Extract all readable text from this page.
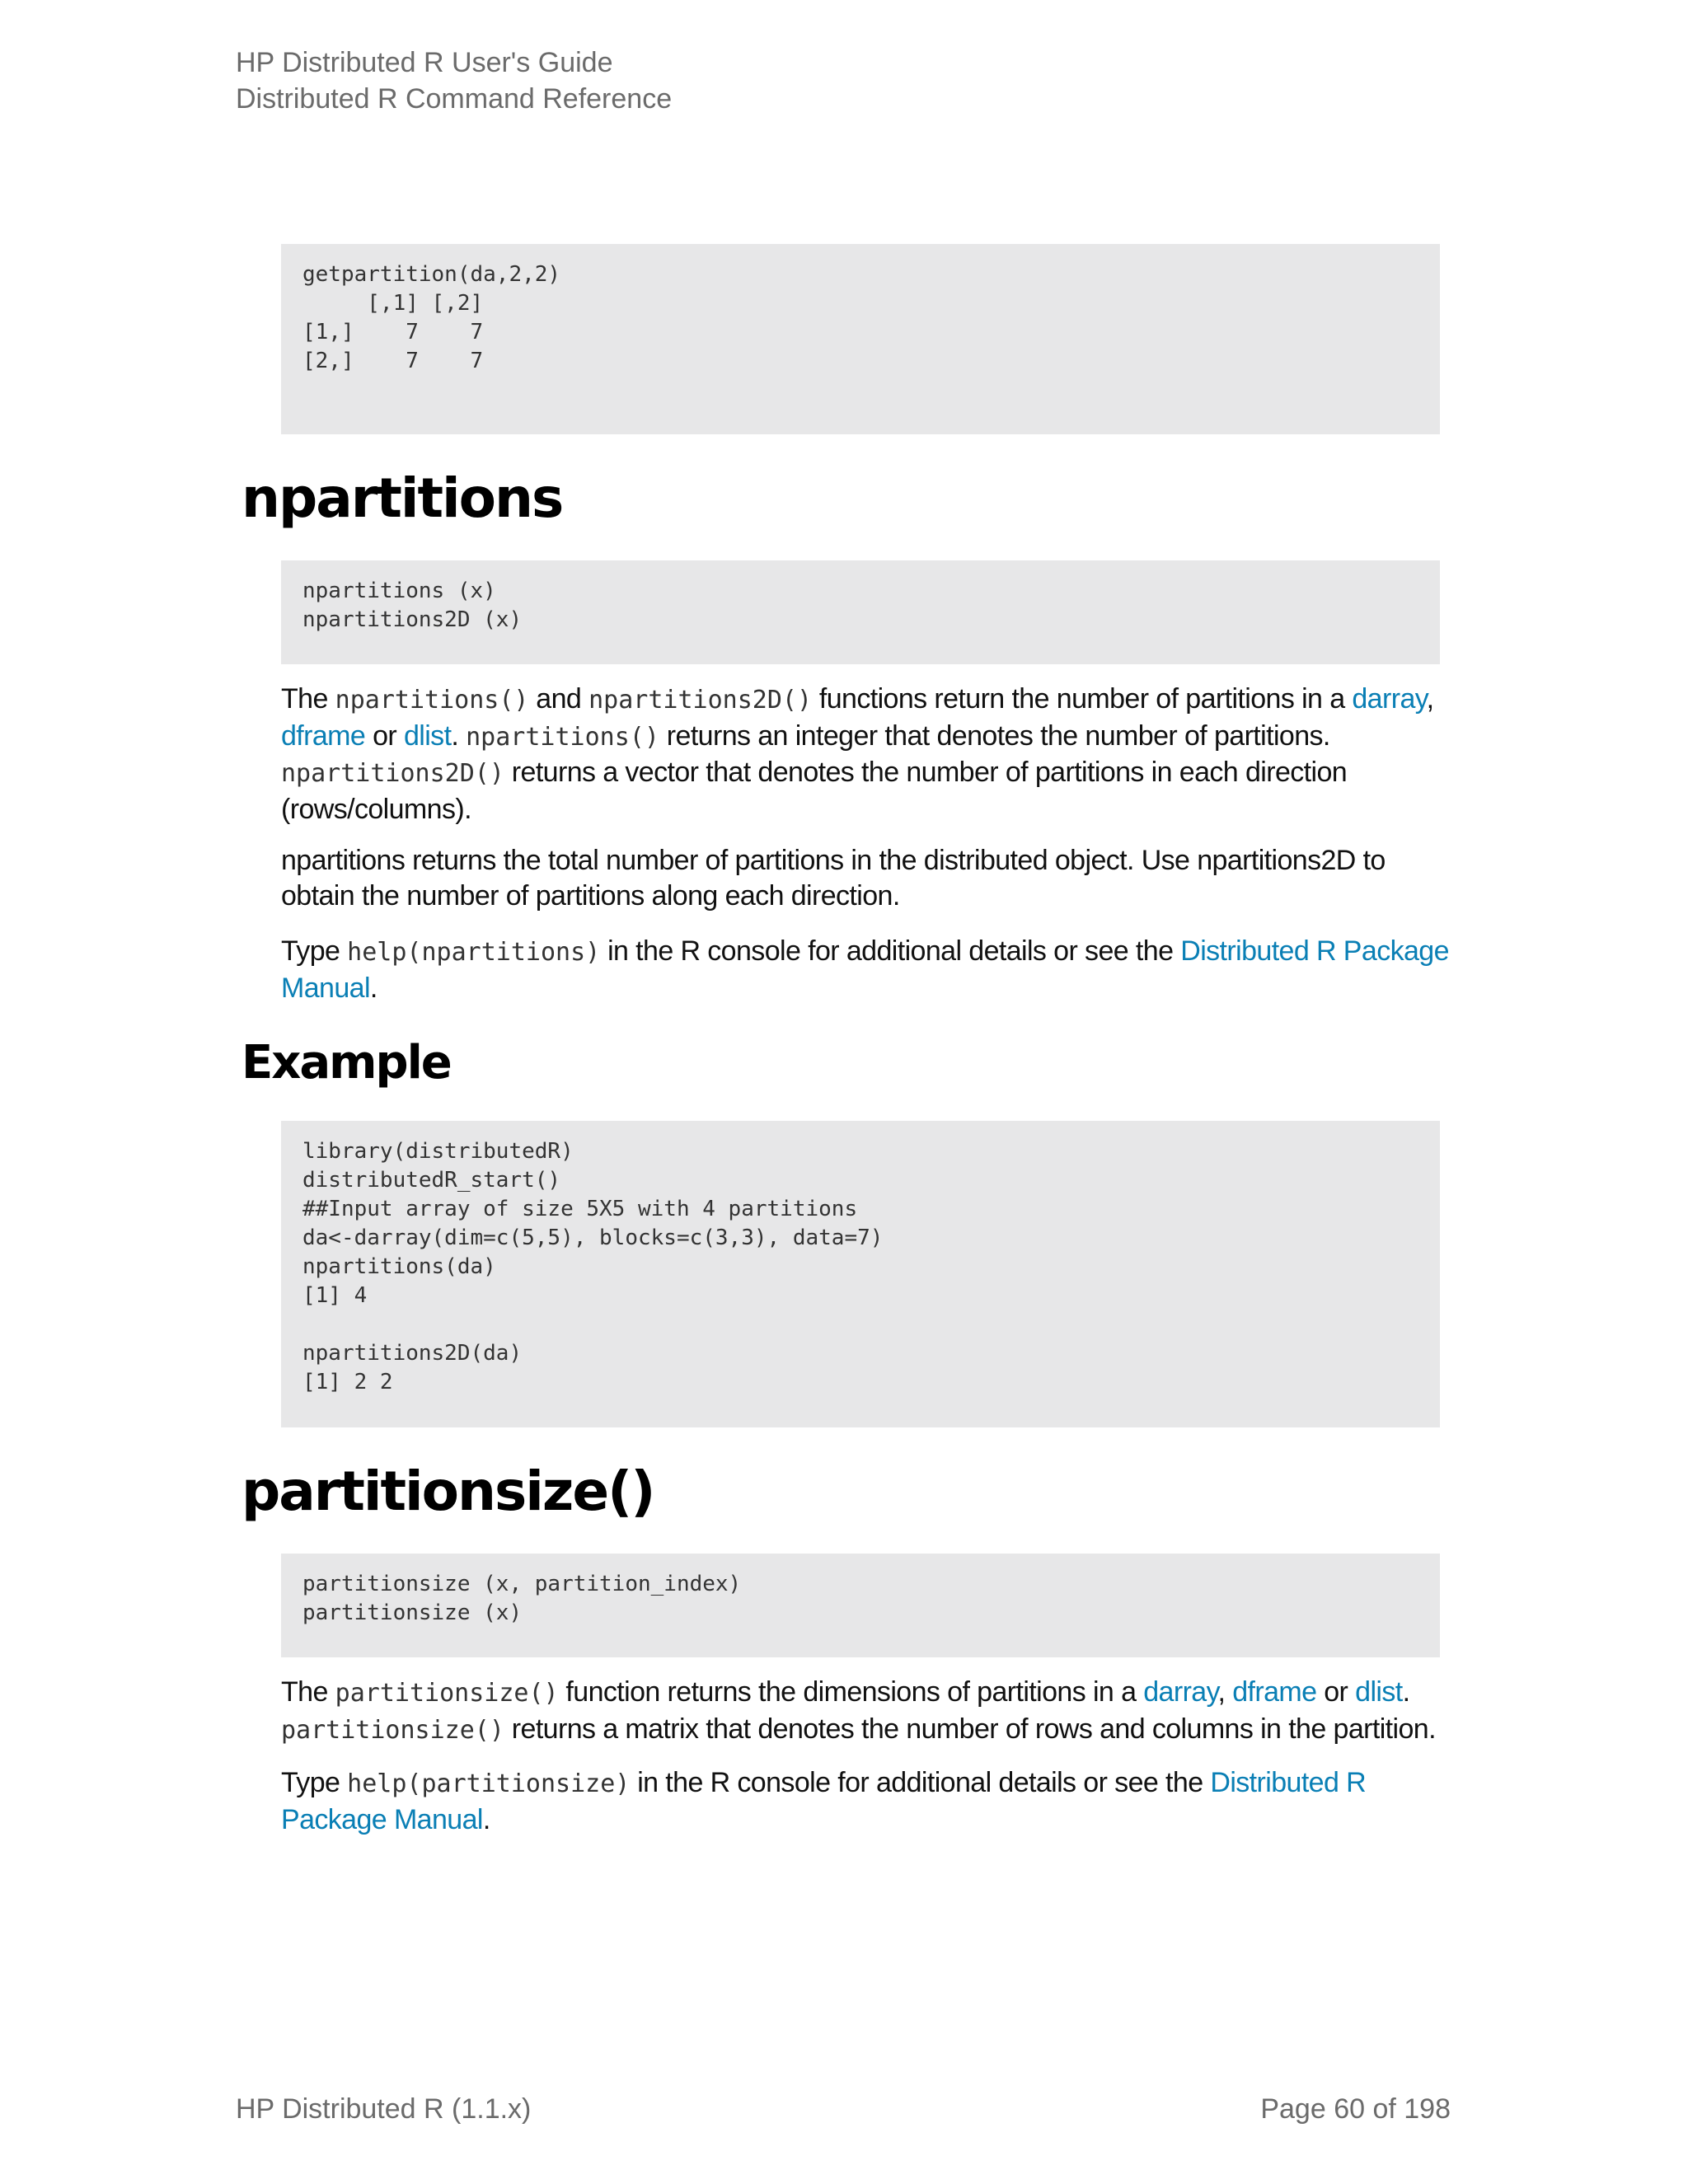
HP Distributed R User's Guide
Distributed R Command Reference
getpartition(da,2,2)
[,1] [,2]
[1,]    7    7
[2,]    7    7
npartitions
npartitions (x)
npartitions2D (x)

The npartitions() and npartitions2D() functions return the number of partitions in a darray,
dframe or dlist. npartitions() returns an integer that denotes the number of partitions.
npartitions2D() returns a vector that denotes the number of partitions in each direction (rows/columns).

npartitions returns the total number of partitions in the distributed object. Use npartitions2D to obtain the number of partitions along each direction.

Type help(npartitions) in the R console for additional details or see the Distributed R Package Manual.

Example
library(distributedR)
distributedR_start()
##Input array of size 5X5 with 4 partitions
da<-darray(dim=c(5,5), blocks=c(3,3), data=7)
npartitions(da)
[1] 4

npartitions2D(da)
[1] 2 2
partitionsize()
partitionsize (x, partition_index)
partitionsize (x)

The partitionsize() function returns the dimensions of partitions in a darray, dframe or dlist.
partitionsize() returns a matrix that denotes the number of rows and columns in the partition.

Type help(partitionsize) in the R console for additional details or see the Distributed R Package Manual.

HP Distributed R (1.1.x)	Page 60 of 198
